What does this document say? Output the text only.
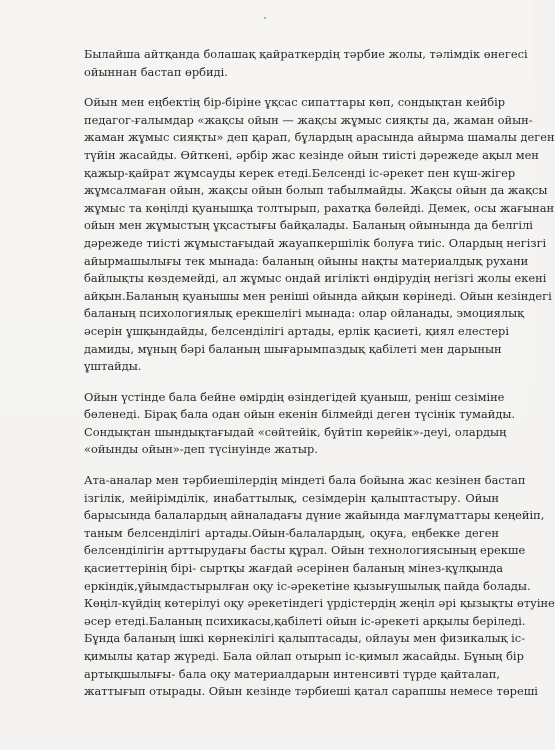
Былайша айтқанда болашақ қайраткердің тәрбие жолы, тәлімдік өнегесі
ойыннан бастап өрбиді.
Ойын мен еңбектің бір-біріне ұқсас сипаттары көп, сондықтан кейбір
педагог-ғалымдар «жақсы ойын — жақсы жұмыс сияқты да, жаман ойын-
жаман жұмыс сияқты» деп қарап, бұлардың арасында айырма шамалы деген
түйін жасайды. Өйткені, әрбір жас кезінде ойын тиісті дәрежеде ақыл мен
қажыр-қайрат жұмсауды керек етеді.Белсенді іс-әрекет пен күш-жігер
жұмсалмаған ойын, жақсы ойын болып табылмайды. Жақсы ойын да жақсы
жұмыс та көңілді қуанышқа толтырып, рахатқа бөлейді. Демек, осы жағынан
ойын мен жұмыстың ұқсастығы байқалады. Баланың ойынында да белгілі
дәрежеде тиісті жұмыстағыдай жауапкершілік болуға тиіс. Олардың негізгі
айырмашылығы тек мынада: баланың ойыны нақты материалдық рухани
байлықты көздемейді, ал жұмыс ондай игілікті өндірудің негізгі жолы екені
айқын.Баланың қуанышы мен реніші ойында айқын көрінеді. Ойын кезіндегі
баланың психологиялық ерекшелігі мынада: олар ойланады, эмоциялық
әсерін ұшқындайды, белсенділігі артады, ерлік қасиеті, қиял елестері
дамиды, мұның бәрі баланың шығарымпаздық қабілеті мен дарынын
ұштайды.
Ойын үстінде бала бейне өмірдің өзіндегідей қуаныш, реніш сезіміне
бөленеді. Бірақ бала одан ойын екенін білмейді деген түсінік тумайды.
Сондықтан шындықтағыдай «сөйтейік, бүйтіп көрейік»-деуі, олардың
«ойынды ойын»-деп түсінуінде жатыр.
Ата-аналар мен тәрбиешілердің міндеті бала бойына жас кезінен бастап
ізгілік, мейірімділік, инабаттылық, сезімдерін қалыптастыру. Ойын
барысында балалардың айналадағы дүние жайында мағлұматтары кеңейіп,
таным белсенділігі артады.Ойын-балалардың, оқуға, еңбекке деген
белсенділігін арттырудағы басты құрал. Ойын технологиясының ерекше
қасиеттерінің бірі- сыртқы жағдай әсерінен баланың мінез-құлқында
еркіндік,ұйымдастырылған оқу іс-әрекетіне қызығушылық пайда болады.
Көңіл-күйдің көтерілуі оқу әрекетіндегі үрдістердің жеңіл әрі қызықты өтуіне
әсер етеді.Баланың психикасы,қабілеті ойын іс-әрекеті арқылы беріледі.
Бұнда баланың ішкі көрнекілігі қалыптасады, ойлауы мен физикалық іс-
қимылы қатар жүреді. Бала ойлап отырып іс-қимыл жасайды. Бұның бір
артықшылығы- бала оқу материалдарын интенсивті түрде қайталап,
жаттығып отырады. Ойын кезінде тәрбиеші қатал сарапшы немесе төреші
